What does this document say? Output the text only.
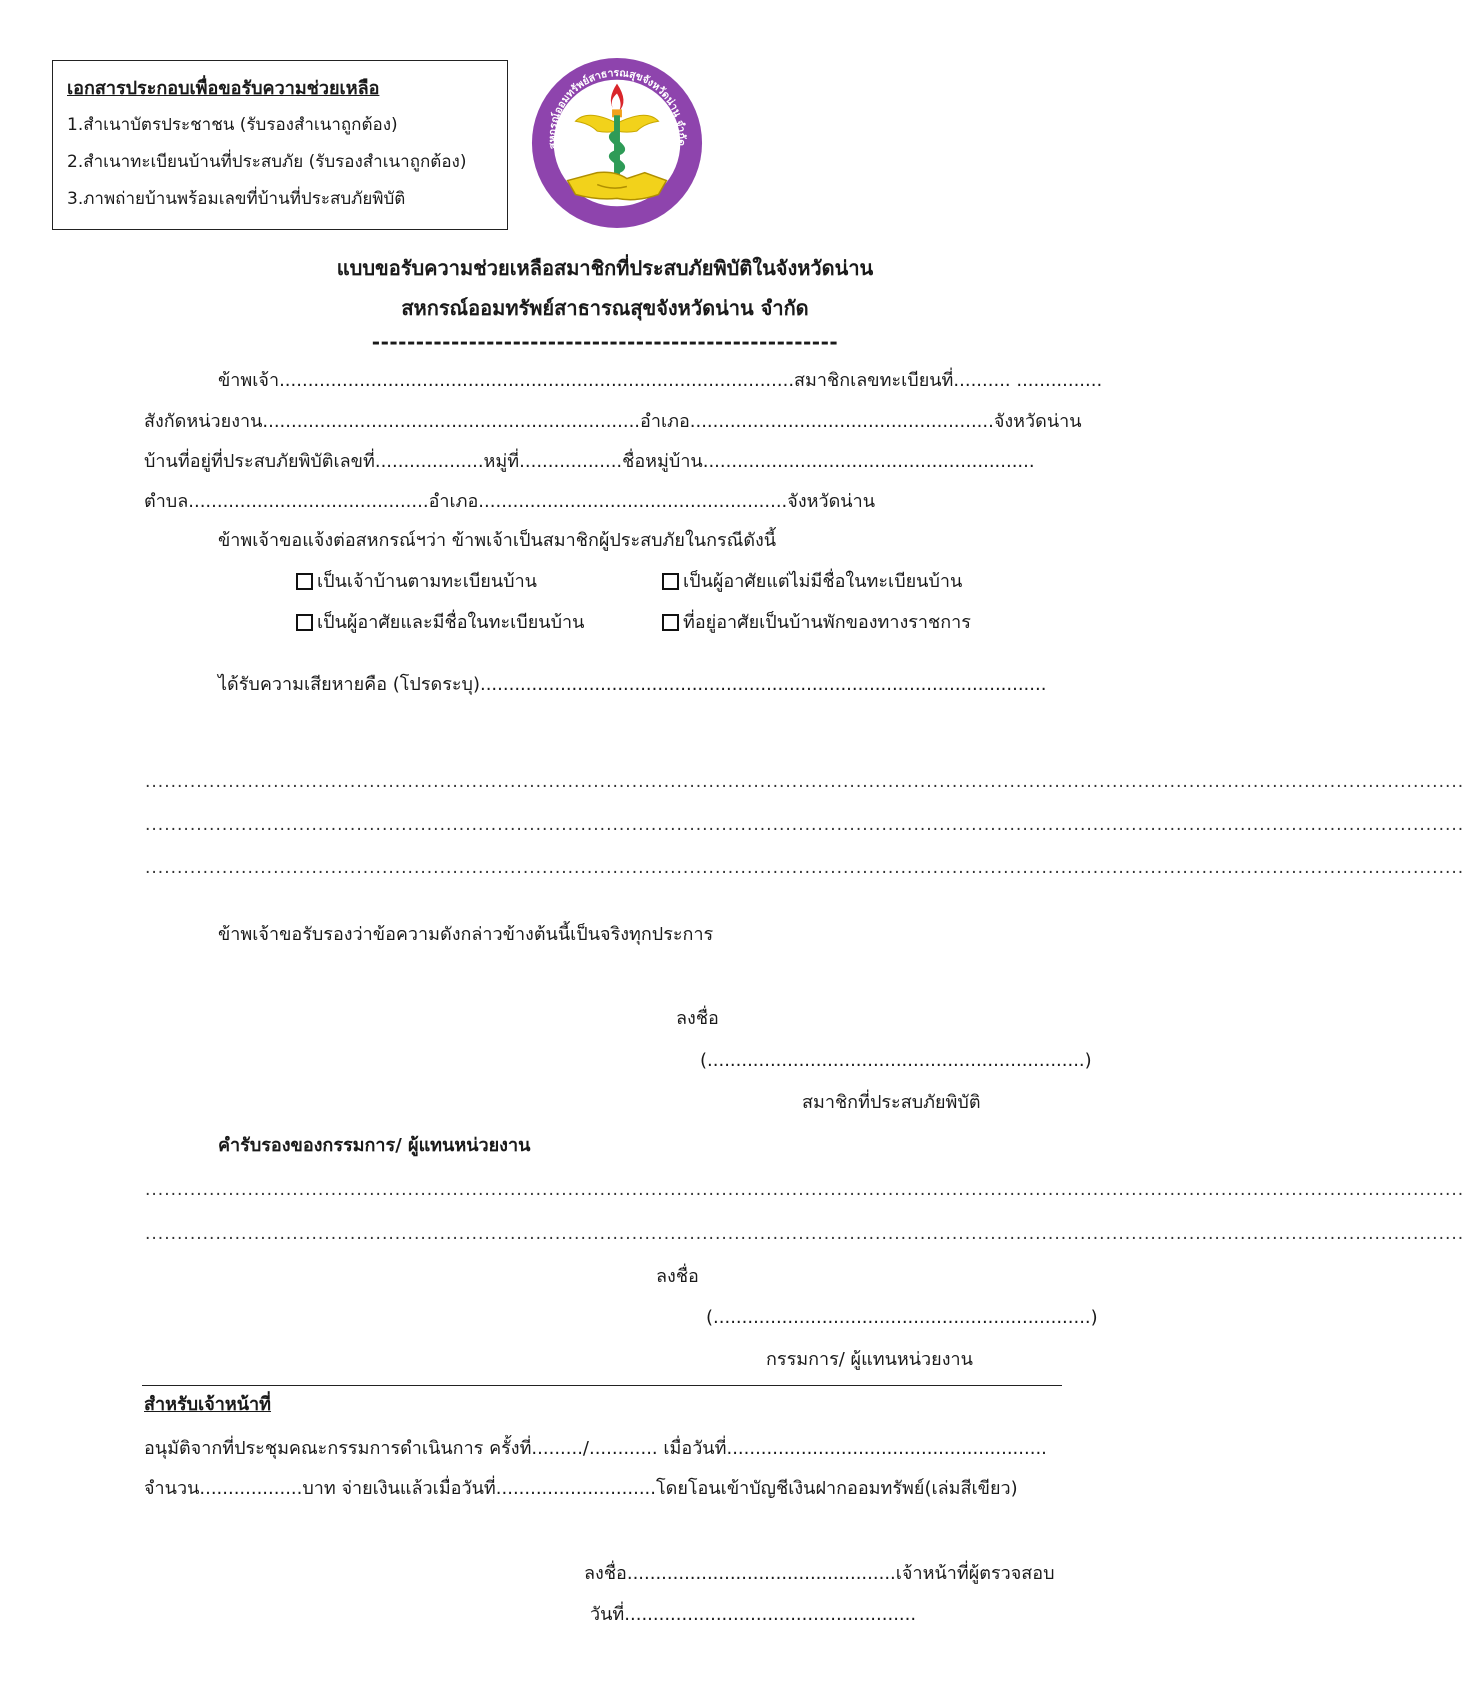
เอกสารประกอบเพื่อขอรับความช่วยเหลือ
1.สำเนาบัตรประชาชน (รับรองสำเนาถูกต้อง)
2.สำเนาทะเบียนบ้านที่ประสบภัย (รับรองสำเนาถูกต้อง)
3.ภาพถ่ายบ้านพร้อมเลขที่บ้านที่ประสบภัยพิบัติ
สหกรณ์ออมทรัพย์สาธารณสุขจังหวัดน่าน จำกัด
แบบขอรับความช่วยเหลือสมาชิกที่ประสบภัยพิบัติในจังหวัดน่าน
สหกรณ์ออมทรัพย์สาธารณสุขจังหวัดน่าน จำกัด
-----------------------------------------------------
ข้าพเจ้า..........................................................................................สมาชิกเลขทะเบียนที่.......... ...............
สังกัดหน่วยงาน..................................................................อำเภอ............…......................................จังหวัดน่าน
บ้านที่อยู่ที่ประสบภัยพิบัติเลขที่...................หมู่ที่..................ชื่อหมู่บ้าน..........................................................
ตำบล..........................................อำเภอ......................................................จังหวัดน่าน
ข้าพเจ้าขอแจ้งต่อสหกรณ์ฯว่า ข้าพเจ้าเป็นสมาชิกผู้ประสบภัยในกรณีดังนี้
เป็นเจ้าบ้านตามทะเบียนบ้าน	เป็นผู้อาศัยแต่ไม่มีชื่อในทะเบียนบ้าน
เป็นผู้อาศัยและมีชื่อในทะเบียนบ้าน	ที่อยู่อาศัยเป็นบ้านพักของทางราชการ
ได้รับความเสียหายคือ (โปรดระบุ)...................................................................................................
..............................................................................................................................................................................................................
..............................................................................................................................................................................................................
..............................................................................................................................................................................................................
ข้าพเจ้าขอรับรองว่าข้อความดังกล่าวข้างต้นนี้เป็นจริงทุกประการ
ลงชื่อ
(..................................................................)
สมาชิกที่ประสบภัยพิบัติ
คำรับรองของกรรมการ/ ผู้แทนหน่วยงาน
..............................................................................................................................................................................................................
..............................................................................................................................................................................................................
ลงชื่อ
(..................................................................)
กรรมการ/ ผู้แทนหน่วยงาน
สำหรับเจ้าหน้าที่
อนุมัติจากที่ประชุมคณะกรรมการดำเนินการ ครั้งที่........./............ เมื่อวันที่........................................................
จำนวน..................บาท จ่ายเงินแล้วเมื่อวันที่............................โดยโอนเข้าบัญชีเงินฝากออมทรัพย์(เล่มสีเขียว)
ลงชื่อ...............................................เจ้าหน้าที่ผู้ตรวจสอบ
วันที่...................................................
